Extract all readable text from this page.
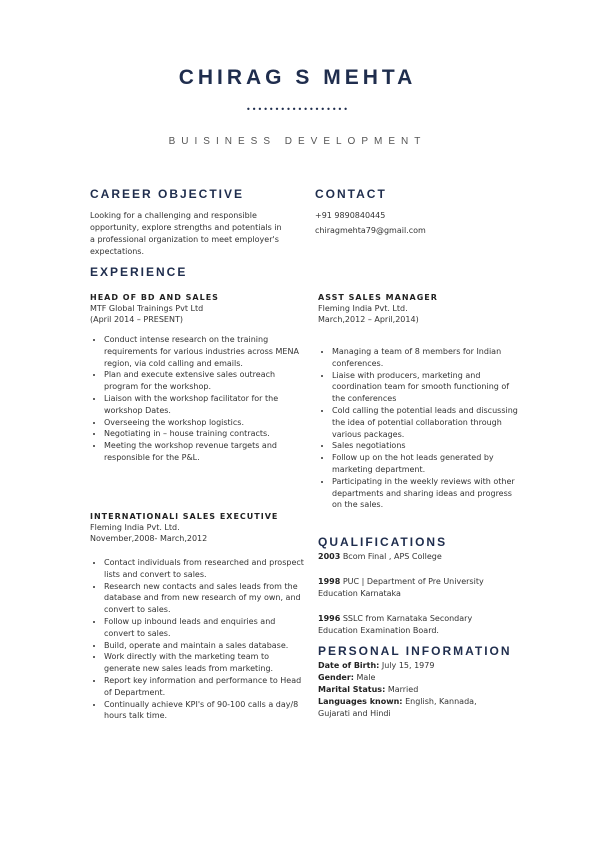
CHIRAG S MEHTA
••••••••••••••••••
BUISINESS DEVELOPMENT
CAREER OBJECTIVE
Looking for a challenging and responsible opportunity, explore strengths and potentials in a professional organization to meet employer's expectations.
CONTACT
+91 9890840445
chiragmehta79@gmail.com
EXPERIENCE
HEAD OF BD AND SALES
MTF Global Trainings Pvt Ltd
(April 2014 – PRESENT)
• Conduct intense research on the training requirements for various industries across MENA region, via cold calling and emails.
• Plan and execute extensive sales outreach program for the workshop.
• Liaison with the workshop facilitator for the workshop Dates.
• Overseeing the workshop logistics.
• Negotiating in – house training contracts.
• Meeting the workshop revenue targets and responsible for the P&L.
ASST SALES MANAGER
Fleming India Pvt. Ltd.
March,2012 – April,2014)
• Managing a team of 8 members for Indian conferences.
• Liaise with producers, marketing and coordination team for smooth functioning of the conferences
• Cold calling the potential leads and discussing the idea of potential collaboration through various packages.
• Sales negotiations
• Follow up on the hot leads generated by marketing department.
• Participating in the weekly reviews with other departments and sharing ideas and progress on the sales.
INTERNATIONALl SALES EXECUTIVE
Fleming India Pvt. Ltd.
November,2008- March,2012
• Contact individuals from researched and prospect lists and convert to sales.
• Research new contacts and sales leads from the database and from new research of my own, and convert to sales.
• Follow up inbound leads and enquiries and convert to sales.
• Build, operate and maintain a sales database.
• Work directly with the marketing team to generate new sales leads from marketing.
• Report key information and performance to Head of Department.
• Continually achieve KPI's of 90-100 calls a day/8 hours talk time.
QUALIFICATIONS
2003 Bcom Final , APS College
1998 PUC | Department of Pre University Education Karnataka
1996 SSLC from Karnataka Secondary Education Examination Board.
PERSONAL INFORMATION
Date of Birth: July 15, 1979
Gender: Male
Marital Status: Married
Languages known: English, Kannada, Gujarati and Hindi
